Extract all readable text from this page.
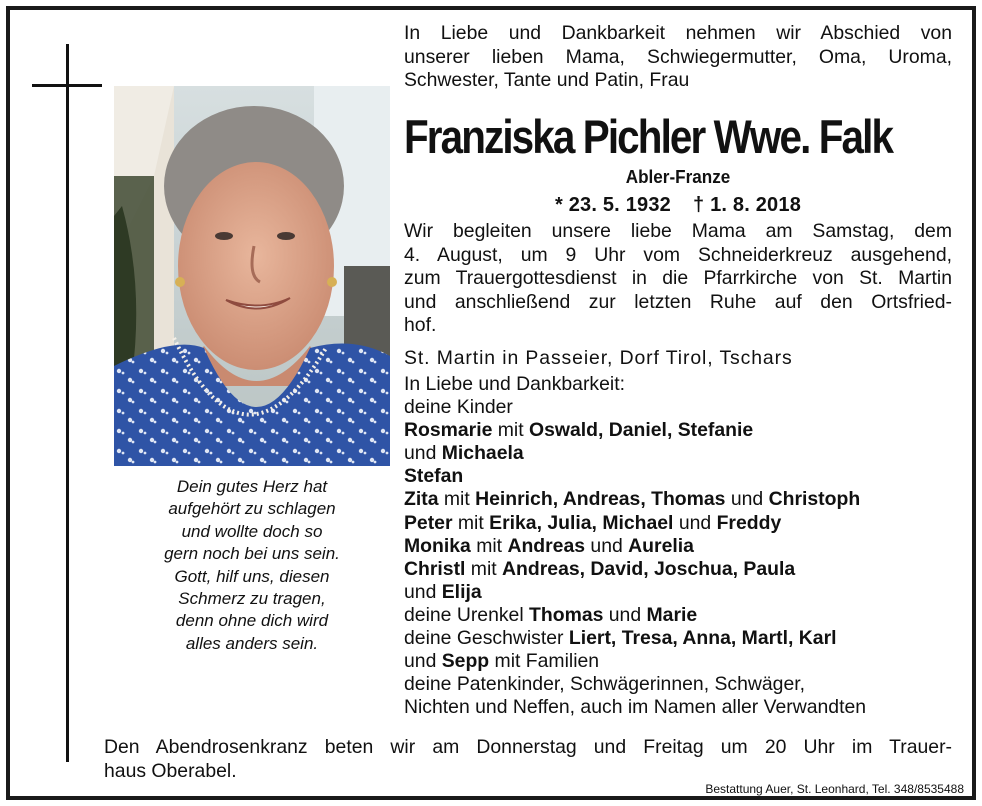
Dein gutes Herz hat
aufgehört zu schlagen
und wollte doch so
gern noch bei uns sein.
Gott, hilf uns, diesen
Schmerz zu tragen,
denn ohne dich wird
alles anders sein.
In Liebe und Dankbarkeit nehmen wir Abschied von
unserer lieben Mama, Schwiegermutter, Oma, Uroma,
Schwester, Tante und Patin, Frau
Franziska Pichler Wwe. Falk
Abler-Franze
* 23. 5. 1932 † 1. 8. 2018
Wir begleiten unsere liebe Mama am Samstag, dem
4. August, um 9 Uhr vom Schneiderkreuz ausgehend,
zum Trauergottesdienst in die Pfarrkirche von St. Martin
und anschließend zur letzten Ruhe auf den Ortsfried-
hof.
St. Martin in Passeier, Dorf Tirol, Tschars
In Liebe und Dankbarkeit:
deine Kinder
Rosmarie mit Oswald, Daniel, Stefanie
und Michaela
Stefan
Zita mit Heinrich, Andreas, Thomas und Christoph
Peter mit Erika, Julia, Michael und Freddy
Monika mit Andreas und Aurelia
Christl mit Andreas, David, Joschua, Paula
und Elija
deine Urenkel Thomas und Marie
deine Geschwister Liert, Tresa, Anna, Martl, Karl
und Sepp mit Familien
deine Patenkinder, Schwägerinnen, Schwäger,
Nichten und Neffen, auch im Namen aller Verwandten
Den Abendrosenkranz beten wir am Donnerstag und Freitag um 20 Uhr im Trauer-
haus Oberabel.
Bestattung Auer, St. Leonhard, Tel. 348/8535488
